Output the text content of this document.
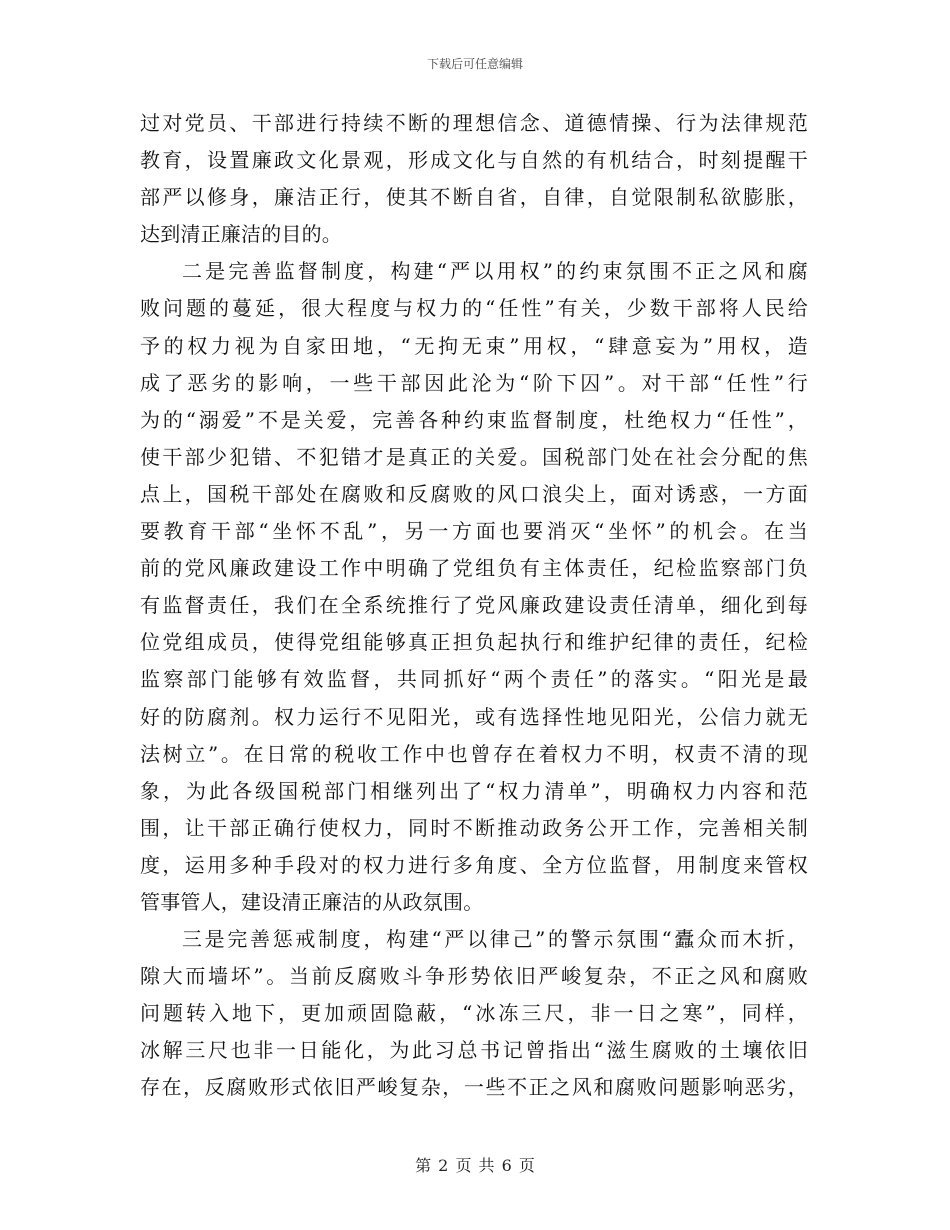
下载后可任意编辑
过对党员、干部进行持续不断的理想信念、道德情操、行为法律规范
教育，设置廉政文化景观，形成文化与自然的有机结合，时刻提醒干
部严以修身，廉洁正行，使其不断自省，自律，自觉限制私欲膨胀，
达到清正廉洁的目的。
二是完善监督制度，构建“严以用权”的约束氛围不正之风和腐
败问题的蔓延，很大程度与权力的“任性”有关，少数干部将人民给
予的权力视为自家田地，“无拘无束”用权，“肆意妄为”用权，造
成了恶劣的影响，一些干部因此沦为“阶下囚”。对干部“任性”行
为的“溺爱”不是关爱，完善各种约束监督制度，杜绝权力“任性”，
使干部少犯错、不犯错才是真正的关爱。国税部门处在社会分配的焦
点上，国税干部处在腐败和反腐败的风口浪尖上，面对诱惑，一方面
要教育干部“坐怀不乱”，另一方面也要消灭“坐怀”的机会。在当
前的党风廉政建设工作中明确了党组负有主体责任，纪检监察部门负
有监督责任，我们在全系统推行了党风廉政建设责任清单，细化到每
位党组成员，使得党组能够真正担负起执行和维护纪律的责任，纪检
监察部门能够有效监督，共同抓好“两个责任”的落实。“阳光是最
好的防腐剂。权力运行不见阳光，或有选择性地见阳光，公信力就无
法树立”。在日常的税收工作中也曾存在着权力不明，权责不清的现
象，为此各级国税部门相继列出了“权力清单”，明确权力内容和范
围，让干部正确行使权力，同时不断推动政务公开工作，完善相关制
度，运用多种手段对的权力进行多角度、全方位监督，用制度来管权
管事管人，建设清正廉洁的从政氛围。
三是完善惩戒制度，构建“严以律己”的警示氛围“蠹众而木折，
隙大而墙坏”。当前反腐败斗争形势依旧严峻复杂，不正之风和腐败
问题转入地下，更加顽固隐蔽，“冰冻三尺，非一日之寒”，同样，
冰解三尺也非一日能化，为此习总书记曾指出“滋生腐败的土壤依旧
存在，反腐败形式依旧严峻复杂，一些不正之风和腐败问题影响恶劣，
第 2 页 共 6 页
